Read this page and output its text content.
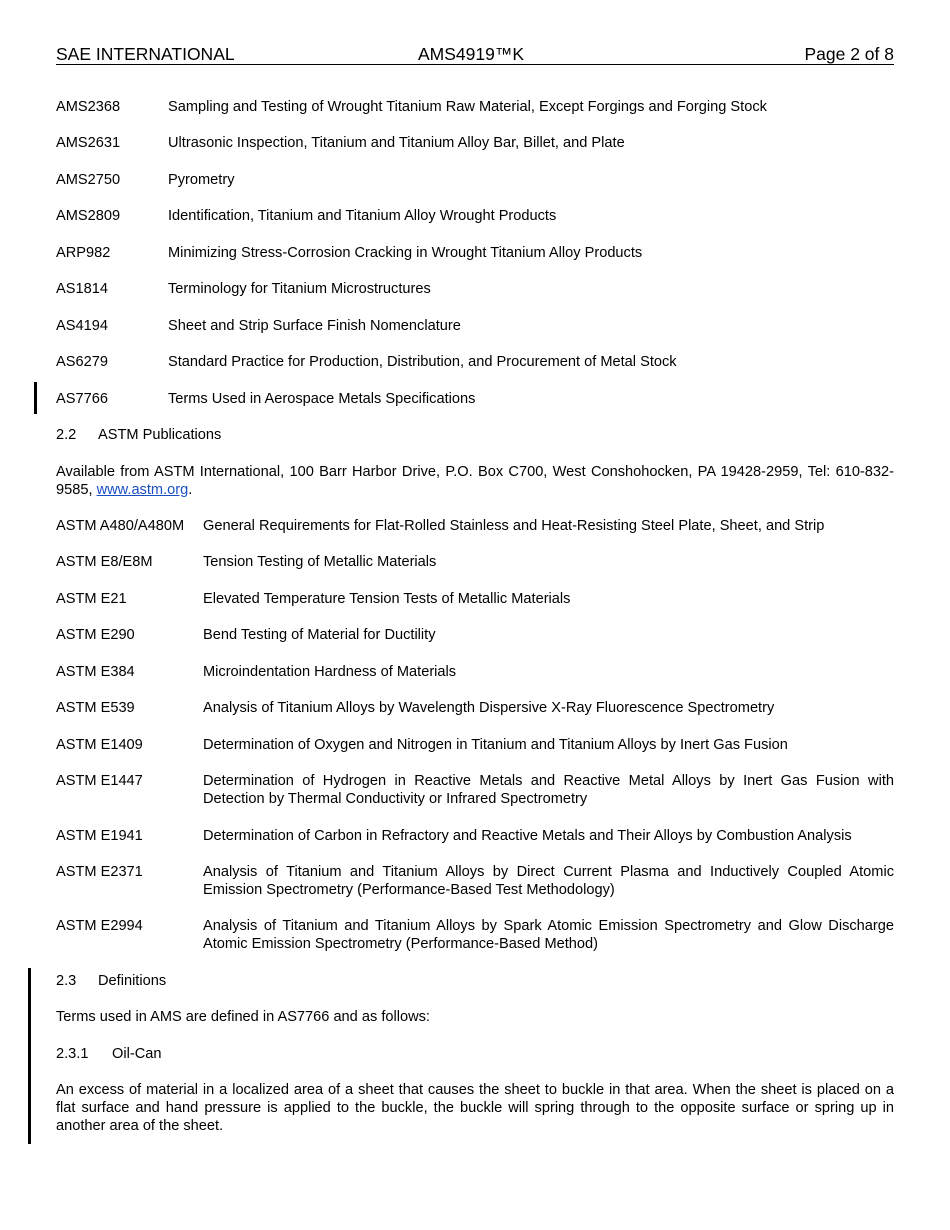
SAE INTERNATIONAL	AMS4919™K	Page 2 of 8
AMS2368	Sampling and Testing of Wrought Titanium Raw Material, Except Forgings and Forging Stock
AMS2631	Ultrasonic Inspection, Titanium and Titanium Alloy Bar, Billet, and Plate
AMS2750	Pyrometry
AMS2809	Identification, Titanium and Titanium Alloy Wrought Products
ARP982	Minimizing Stress-Corrosion Cracking in Wrought Titanium Alloy Products
AS1814	Terminology for Titanium Microstructures
AS4194	Sheet and Strip Surface Finish Nomenclature
AS6279	Standard Practice for Production, Distribution, and Procurement of Metal Stock
AS7766	Terms Used in Aerospace Metals Specifications
2.2 ASTM Publications
Available from ASTM International, 100 Barr Harbor Drive, P.O. Box C700, West Conshohocken, PA 19428-2959, Tel: 610-832-9585, www.astm.org.
ASTM A480/A480M General Requirements for Flat-Rolled Stainless and Heat-Resisting Steel Plate, Sheet, and Strip
ASTM E8/E8M	Tension Testing of Metallic Materials
ASTM E21	Elevated Temperature Tension Tests of Metallic Materials
ASTM E290	Bend Testing of Material for Ductility
ASTM E384	Microindentation Hardness of Materials
ASTM E539	Analysis of Titanium Alloys by Wavelength Dispersive X-Ray Fluorescence Spectrometry
ASTM E1409	Determination of Oxygen and Nitrogen in Titanium and Titanium Alloys by Inert Gas Fusion
ASTM E1447	Determination of Hydrogen in Reactive Metals and Reactive Metal Alloys by Inert Gas Fusion with Detection by Thermal Conductivity or Infrared Spectrometry
ASTM E1941	Determination of Carbon in Refractory and Reactive Metals and Their Alloys by Combustion Analysis
ASTM E2371	Analysis of Titanium and Titanium Alloys by Direct Current Plasma and Inductively Coupled Atomic Emission Spectrometry (Performance-Based Test Methodology)
ASTM E2994	Analysis of Titanium and Titanium Alloys by Spark Atomic Emission Spectrometry and Glow Discharge Atomic Emission Spectrometry (Performance-Based Method)
2.3 Definitions
Terms used in AMS are defined in AS7766 and as follows:
2.3.1 Oil-Can
An excess of material in a localized area of a sheet that causes the sheet to buckle in that area. When the sheet is placed on a flat surface and hand pressure is applied to the buckle, the buckle will spring through to the opposite surface or spring up in another area of the sheet.
